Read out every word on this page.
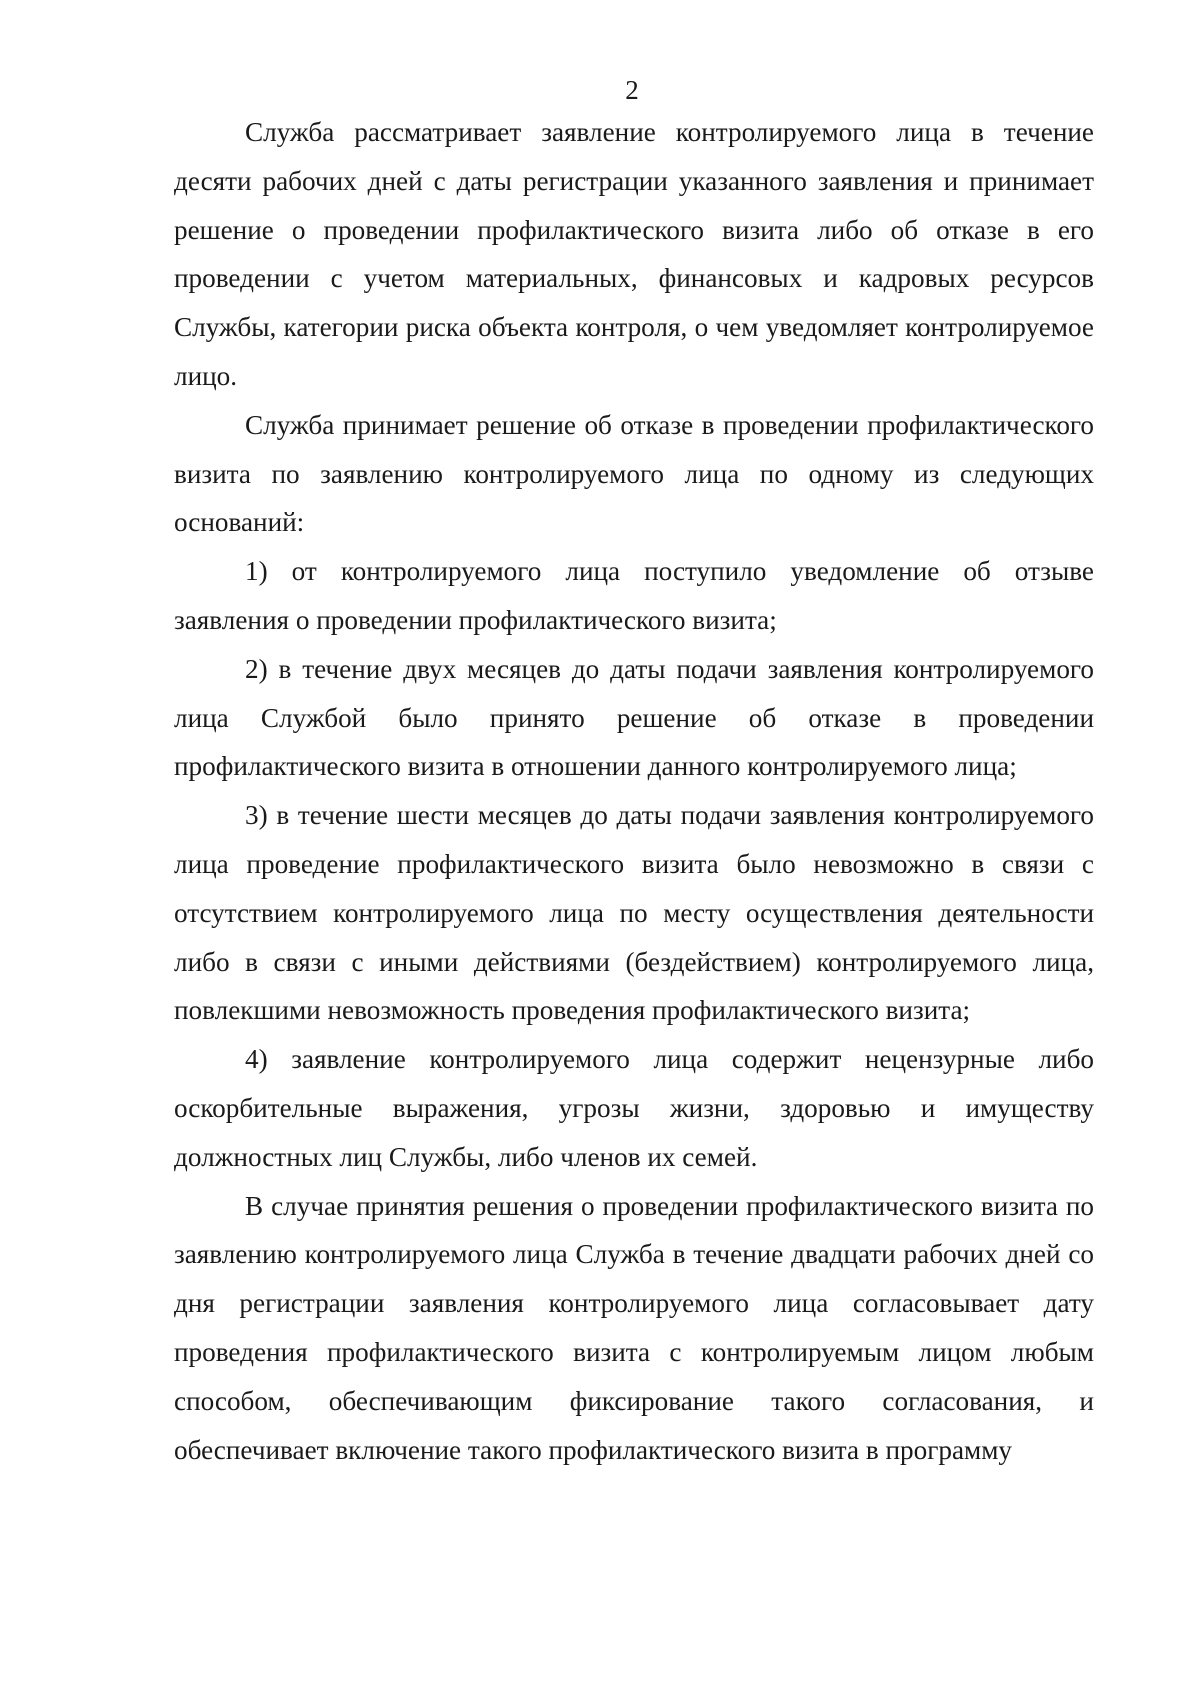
2

Служба рассматривает заявление контролируемого лица в течение десяти рабочих дней с даты регистрации указанного заявления и принимает решение о проведении профилактического визита либо об отказе в его проведении с учетом материальных, финансовых и кадровых ресурсов Службы, категории риска объекта контроля, о чем уведомляет контролируемое лицо.

Служба принимает решение об отказе в проведении профилактического визита по заявлению контролируемого лица по одному из следующих оснований:

1) от контролируемого лица поступило уведомление об отзыве заявления о проведении профилактического визита;

2) в течение двух месяцев до даты подачи заявления контролируемого лица Службой было принято решение об отказе в проведении профилактического визита в отношении данного контролируемого лица;

3) в течение шести месяцев до даты подачи заявления контролируемого лица проведение профилактического визита было невозможно в связи с отсутствием контролируемого лица по месту осуществления деятельности либо в связи с иными действиями (бездействием) контролируемого лица, повлекшими невозможность проведения профилактического визита;

4) заявление контролируемого лица содержит нецензурные либо оскорбительные выражения, угрозы жизни, здоровью и имуществу должностных лиц Службы, либо членов их семей.

В случае принятия решения о проведении профилактического визита по заявлению контролируемого лица Служба в течение двадцати рабочих дней со дня регистрации заявления контролируемого лица согласовывает дату проведения профилактического визита с контролируемым лицом любым способом, обеспечивающим фиксирование такого согласования, и обеспечивает включение такого профилактического визита в программу
